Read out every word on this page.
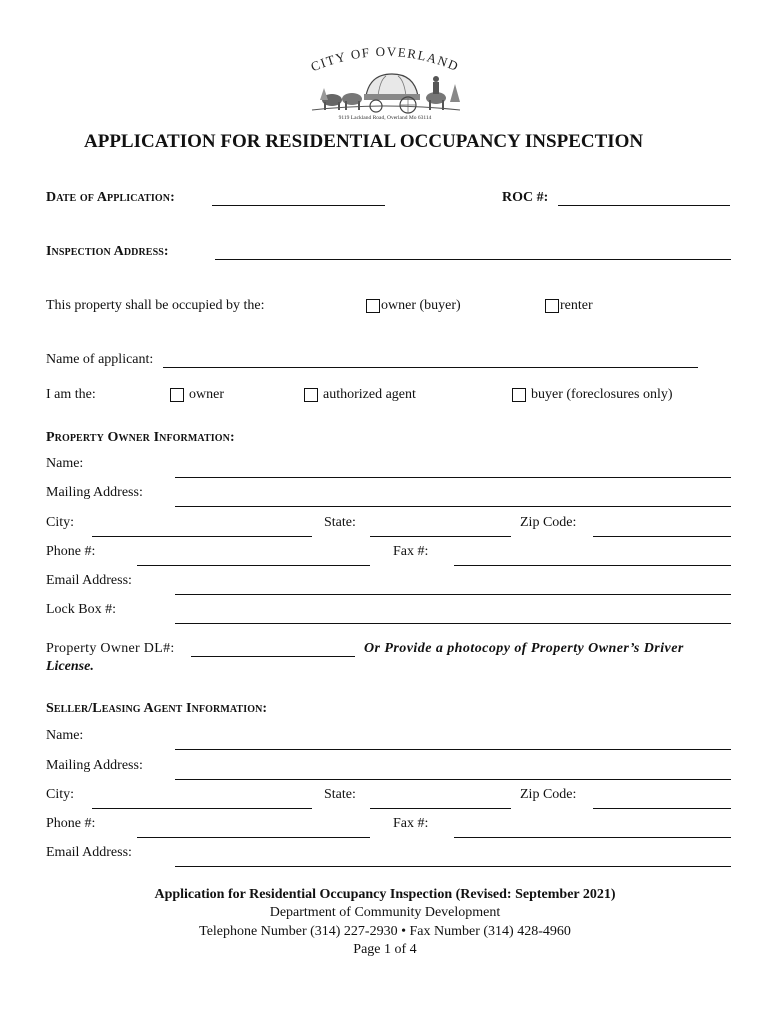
CITY OF OVERLAND
9119 Lackland Road, Overland Mo 63114
APPLICATION FOR RESIDENTIAL OCCUPANCY INSPECTION
Date of Application:	ROC #:
Inspection Address:
This property shall be occupied by the:	owner (buyer)	renter
Name of applicant:
I am the:	owner	authorized agent	buyer (foreclosures only)
Property Owner Information:
Name:
Mailing Address:
City:	State:	Zip Code:
Phone #:	Fax #:
Email Address:
Lock Box #:
Property Owner DL#:	Or Provide a photocopy of Property Owner’s Driver
License.
Seller/Leasing Agent Information:
Name:
Mailing Address:
City:	State:	Zip Code:
Phone #:	Fax #:
Email Address:
Application for Residential Occupancy Inspection (Revised: September 2021)
Department of Community Development
Telephone Number (314) 227-2930 • Fax Number (314) 428-4960
Page 1 of 4
